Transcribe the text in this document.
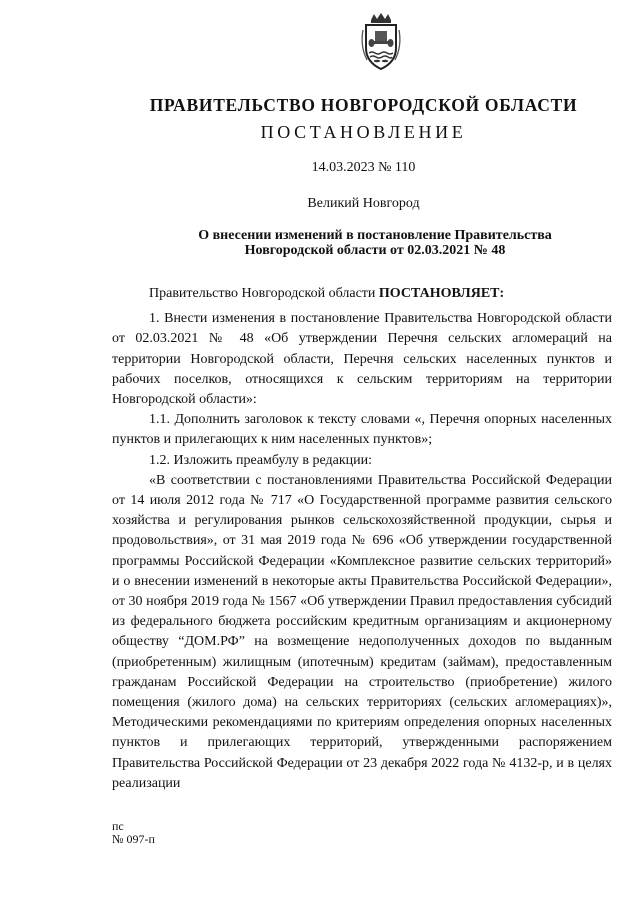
ПРАВИТЕЛЬСТВО НОВГОРОДСКОЙ ОБЛАСТИ
ПОСТАНОВЛЕНИЕ
14.03.2023 № 110
Великий Новгород
О внесении изменений в постановление Правительства
Новгородской области от 02.03.2021 № 48

Правительство Новгородской области ПОСТАНОВЛЯЕТ:

1. Внести изменения в постановление Правительства Новгородской области от 02.03.2021 № 48 «Об утверждении Перечня сельских агломераций на территории Новгородской области, Перечня сельских населенных пунктов и рабочих поселков, относящихся к сельским территориям на территории Новгородской области»:

1.1. Дополнить заголовок к тексту словами «, Перечня опорных населенных пунктов и прилегающих к ним населенных пунктов»;

1.2. Изложить преамбулу в редакции:

«В соответствии с постановлениями Правительства Российской Федерации от 14 июля 2012 года № 717 «О Государственной программе развития сельского хозяйства и регулирования рынков сельскохозяйственной продукции, сырья и продовольствия», от 31 мая 2019 года № 696 «Об утверждении государственной программы Российской Федерации «Комплексное развитие сельских территорий» и о внесении изменений в некоторые акты Правительства Российской Федерации», от 30 ноября 2019 года № 1567 «Об утверждении Правил предоставления субсидий из федерального бюджета российским кредитным организациям и акционерному обществу “ДОМ.РФ” на возмещение недополученных доходов по выданным (приобретенным) жилищным (ипотечным) кредитам (займам), предоставленным гражданам Российской Федерации на строительство (приобретение) жилого помещения (жилого дома) на сельских территориях (сельских агломерациях)», Методическими рекомендациями по критериям определения опорных населенных пунктов и прилегающих территорий, утвержденными распоряжением Правительства Российской Федерации от 23 декабря 2022 года № 4132-р, и в целях реализации

пс
№ 097-п
